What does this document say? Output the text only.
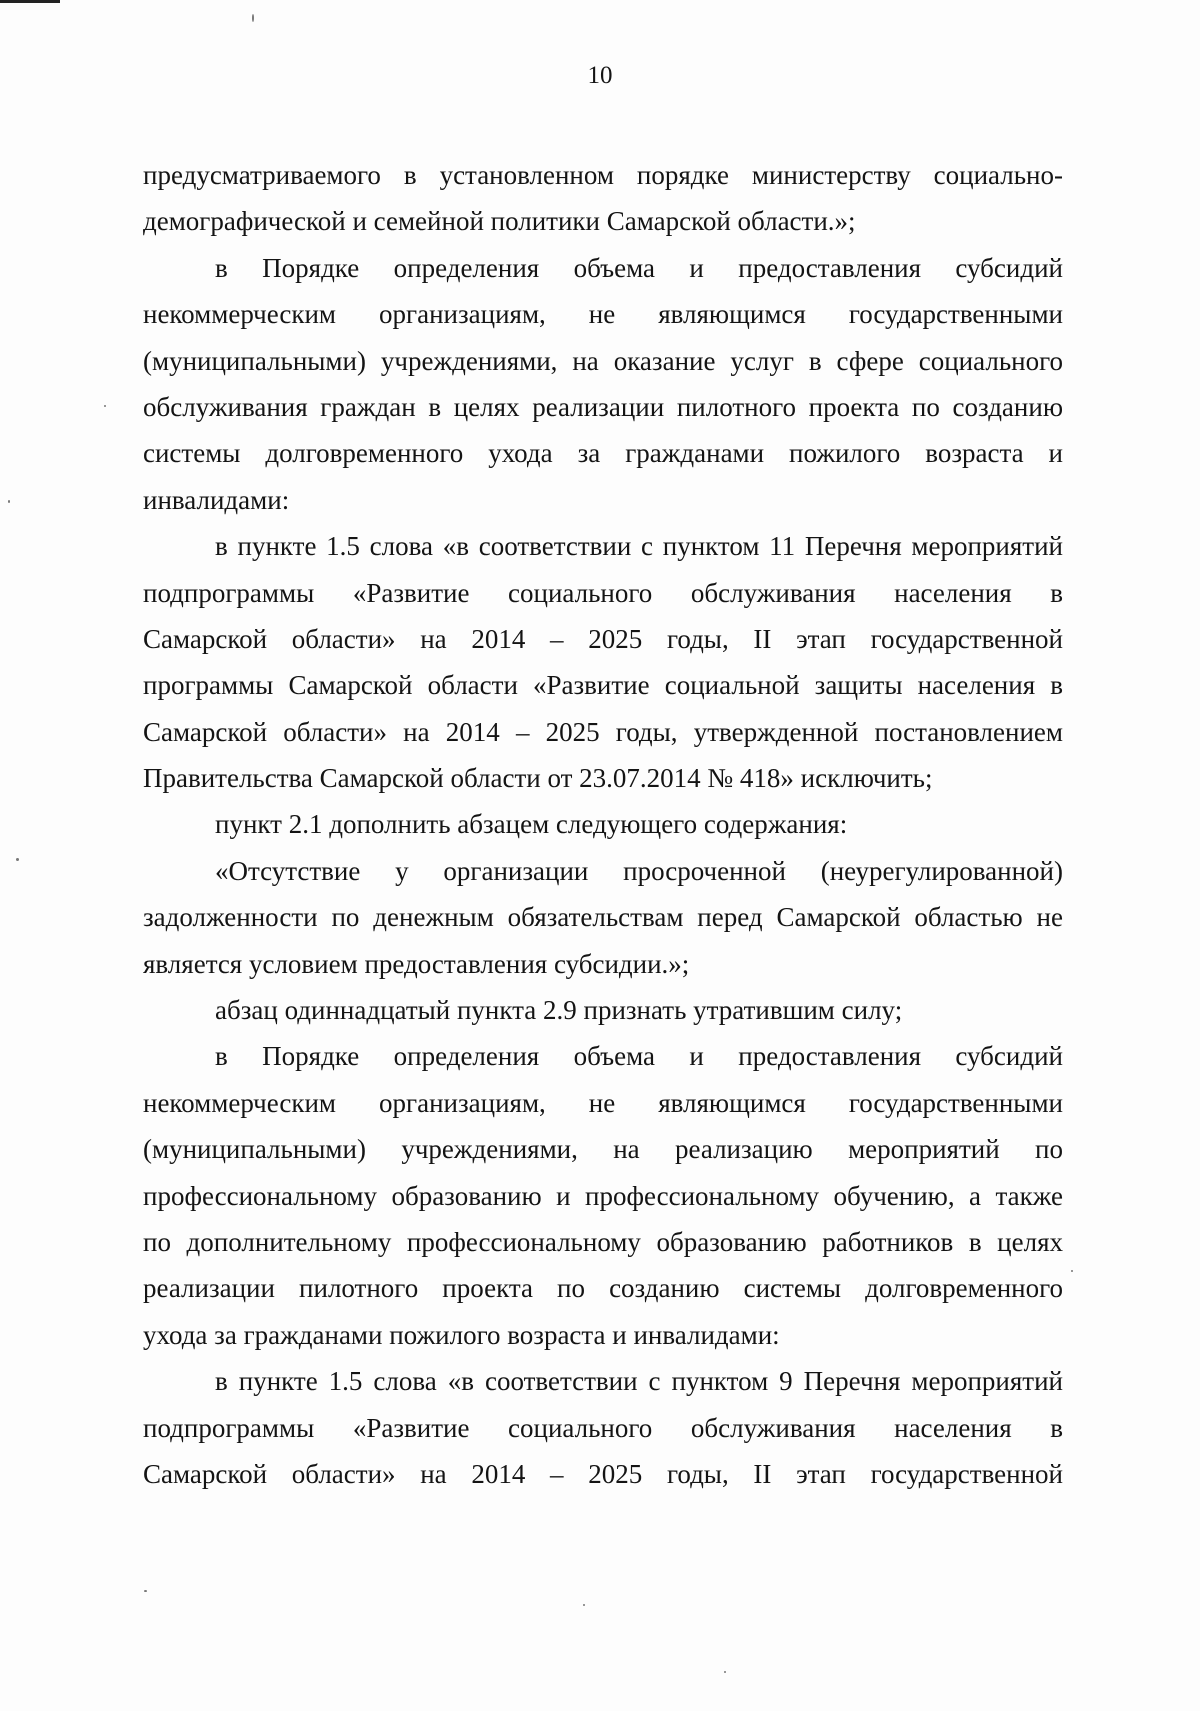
10
предусматриваемого в установленном порядке министерству социально-
демографической и семейной политики Самарской области.»;
в Порядке определения объема и предоставления субсидий
некоммерческим организациям, не являющимся государственными
(муниципальными) учреждениями, на оказание услуг в сфере социального
обслуживания граждан в целях реализации пилотного проекта по созданию
системы долговременного ухода за гражданами пожилого возраста и
инвалидами:
в пункте 1.5 слова «в соответствии с пунктом 11 Перечня мероприятий
подпрограммы «Развитие социального обслуживания населения в
Самарской области» на 2014 – 2025 годы, II этап государственной
программы Самарской области «Развитие социальной защиты населения в
Самарской области» на 2014 – 2025 годы, утвержденной постановлением
Правительства Самарской области от 23.07.2014 № 418» исключить;
пункт 2.1 дополнить абзацем следующего содержания:
«Отсутствие у организации просроченной (неурегулированной)
задолженности по денежным обязательствам перед Самарской областью не
является условием предоставления субсидии.»;
абзац одиннадцатый пункта 2.9 признать утратившим силу;
в Порядке определения объема и предоставления субсидий
некоммерческим организациям, не являющимся государственными
(муниципальными) учреждениями, на реализацию мероприятий по
профессиональному образованию и профессиональному обучению, а также
по дополнительному профессиональному образованию работников в целях
реализации пилотного проекта по созданию системы долговременного
ухода за гражданами пожилого возраста и инвалидами:
в пункте 1.5 слова «в соответствии с пунктом 9 Перечня мероприятий
подпрограммы «Развитие социального обслуживания населения в
Самарской области» на 2014 – 2025 годы, II этап государственной
